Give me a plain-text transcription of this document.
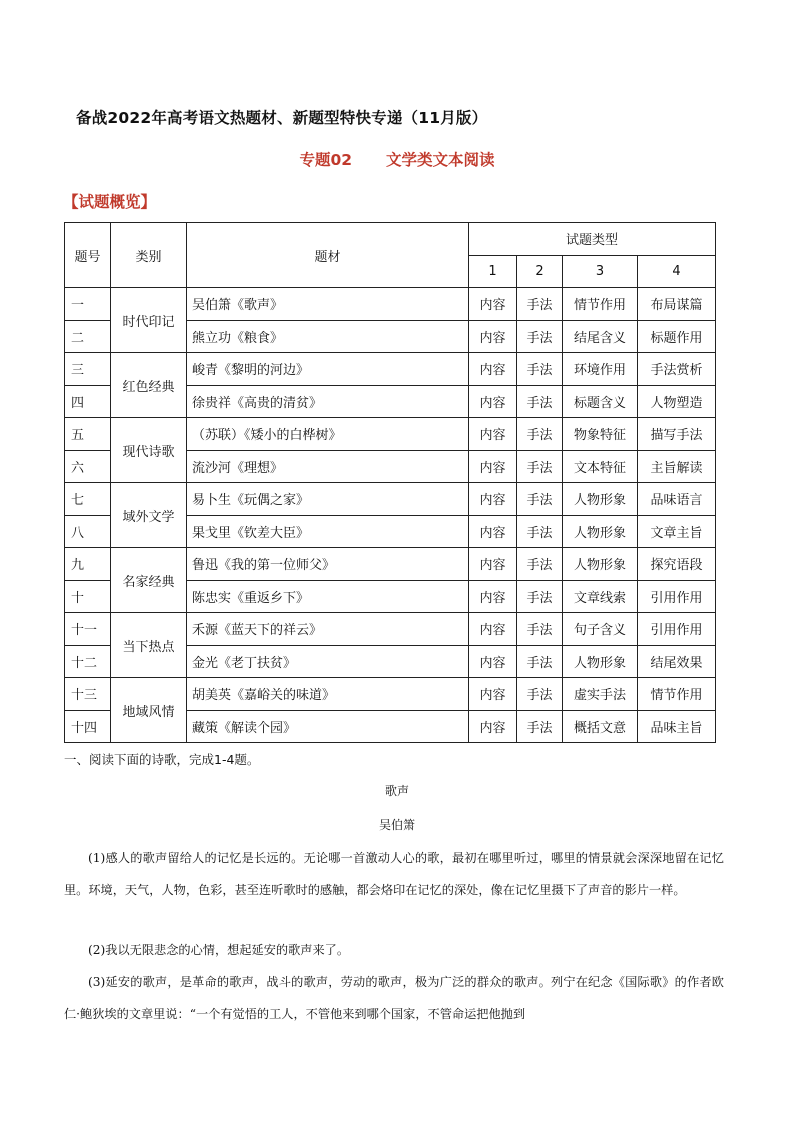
备战2022年高考语文热题材、新题型特快专递（11月版）
专题02 文学类文本阅读
【试题概览】
题号	类别	题材	试题类型			
			1	2	3	4
一	时代印记	吴伯箫《歌声》	内容	手法	情节作用	布局谋篇
二		熊立功《粮食》	内容	手法	结尾含义	标题作用
三	红色经典	峻青《黎明的河边》	内容	手法	环境作用	手法赏析
四		徐贵祥《高贵的清贫》	内容	手法	标题含义	人物塑造
五	现代诗歌	（苏联）《矮小的白桦树》	内容	手法	物象特征	描写手法
六		流沙河《理想》	内容	手法	文本特征	主旨解读
七	域外文学	易卜生《玩偶之家》	内容	手法	人物形象	品味语言
八		果戈里《钦差大臣》	内容	手法	人物形象	文章主旨
九	名家经典	鲁迅《我的第一位师父》	内容	手法	人物形象	探究语段
十		陈忠实《重返乡下》	内容	手法	文章线索	引用作用
十一	当下热点	禾源《蓝天下的祥云》	内容	手法	句子含义	引用作用
十二		金光《老丁扶贫》	内容	手法	人物形象	结尾效果
十三	地域风情	胡美英《嘉峪关的味道》	内容	手法	虚实手法	情节作用
十四		藏策《解读个园》	内容	手法	概括文意	品味主旨
一、阅读下面的诗歌，完成1-4题。
歌声
吴伯箫

(1)感人的歌声留给人的记忆是长远的。无论哪一首激动人心的歌，最初在哪里听过，哪里的情景就会深深地留在记忆里。环境，天气，人物，色彩，甚至连听歌时的感触，都会烙印在记忆的深处，像在记忆里摄下了声音的影片一样。

(2)我以无限悲念的心情，想起延安的歌声来了。

(3)延安的歌声，是革命的歌声，战斗的歌声，劳动的歌声，极为广泛的群众的歌声。列宁在纪念《国际歌》的作者欧仁·鲍狄埃的文章里说：“一个有觉悟的工人，不管他来到哪个国家，不管命运把他抛到
